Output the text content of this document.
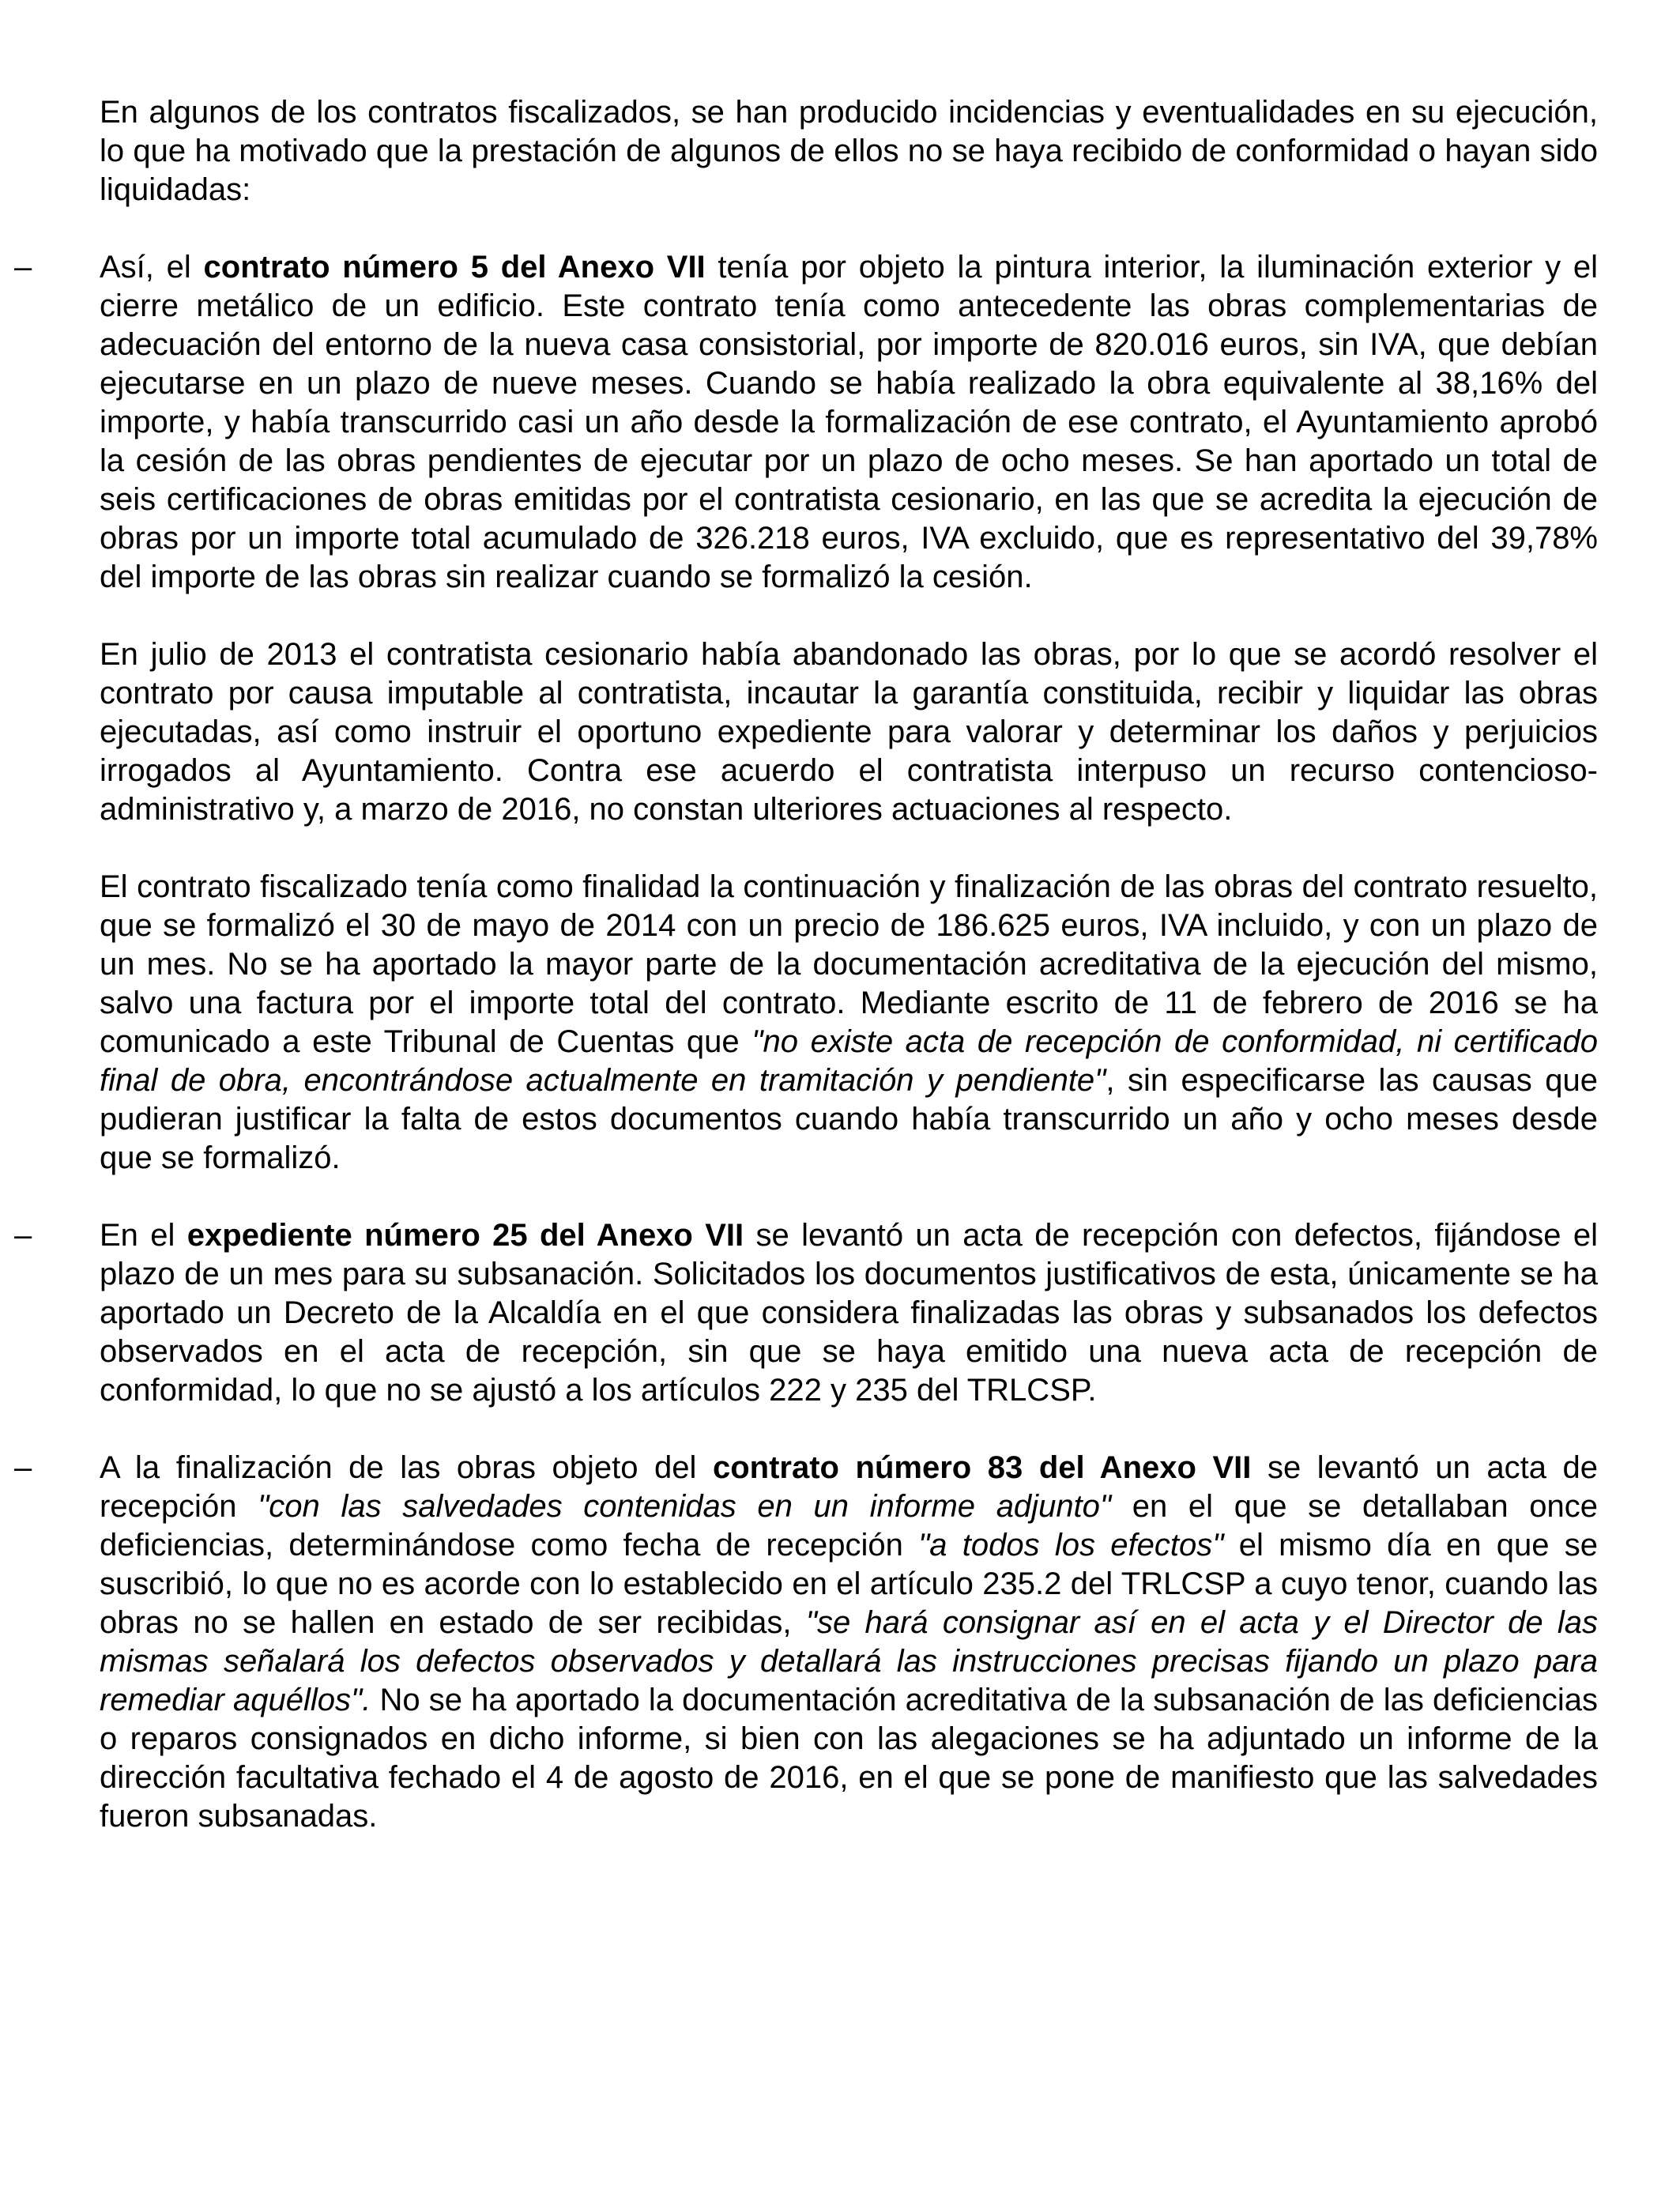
En algunos de los contratos fiscalizados, se han producido incidencias y eventualidades en su ejecución, lo que ha motivado que la prestación de algunos de ellos no se haya recibido de conformidad o hayan sido liquidadas:

–	Así, el contrato número 5 del Anexo VII tenía por objeto la pintura interior, la iluminación exterior y el cierre metálico de un edificio. Este contrato tenía como antecedente las obras complementarias de adecuación del entorno de la nueva casa consistorial, por importe de 820.016 euros, sin IVA, que debían ejecutarse en un plazo de nueve meses. Cuando se había realizado la obra equivalente al 38,16% del importe, y había transcurrido casi un año desde la formalización de ese contrato, el Ayuntamiento aprobó la cesión de las obras pendientes de ejecutar por un plazo de ocho meses. Se han aportado un total de seis certificaciones de obras emitidas por el contratista cesionario, en las que se acredita la ejecución de obras por un importe total acumulado de 326.218 euros, IVA excluido, que es representativo del 39,78% del importe de las obras sin realizar cuando se formalizó la cesión.

En julio de 2013 el contratista cesionario había abandonado las obras, por lo que se acordó resolver el contrato por causa imputable al contratista, incautar la garantía constituida, recibir y liquidar las obras ejecutadas, así como instruir el oportuno expediente para valorar y determinar los daños y perjuicios irrogados al Ayuntamiento. Contra ese acuerdo el contratista interpuso un recurso contencioso-administrativo y, a marzo de 2016, no constan ulteriores actuaciones al respecto.

El contrato fiscalizado tenía como finalidad la continuación y finalización de las obras del contrato resuelto, que se formalizó el 30 de mayo de 2014 con un precio de 186.625 euros, IVA incluido, y con un plazo de un mes. No se ha aportado la mayor parte de la documentación acreditativa de la ejecución del mismo, salvo una factura por el importe total del contrato. Mediante escrito de 11 de febrero de 2016 se ha comunicado a este Tribunal de Cuentas que "no existe acta de recepción de conformidad, ni certificado final de obra, encontrándose actualmente en tramitación y pendiente", sin especificarse las causas que pudieran justificar la falta de estos documentos cuando había transcurrido un año y ocho meses desde que se formalizó.

–	En el expediente número 25 del Anexo VII se levantó un acta de recepción con defectos, fijándose el plazo de un mes para su subsanación. Solicitados los documentos justificativos de esta, únicamente se ha aportado un Decreto de la Alcaldía en el que considera finalizadas las obras y subsanados los defectos observados en el acta de recepción, sin que se haya emitido una nueva acta de recepción de conformidad, lo que no se ajustó a los artículos 222 y 235 del TRLCSP.
–	A la finalización de las obras objeto del contrato número 83 del Anexo VII se levantó un acta de recepción "con las salvedades contenidas en un informe adjunto" en el que se detallaban once deficiencias, determinándose como fecha de recepción "a todos los efectos" el mismo día en que se suscribió, lo que no es acorde con lo establecido en el artículo 235.2 del TRLCSP a cuyo tenor, cuando las obras no se hallen en estado de ser recibidas, "se hará consignar así en el acta y el Director de las mismas señalará los defectos observados y detallará las instrucciones precisas fijando un plazo para remediar aquéllos". No se ha aportado la documentación acreditativa de la subsanación de las deficiencias o reparos consignados en dicho informe, si bien con las alegaciones se ha adjuntado un informe de la dirección facultativa fechado el 4 de agosto de 2016, en el que se pone de manifiesto que las salvedades fueron subsanadas.
